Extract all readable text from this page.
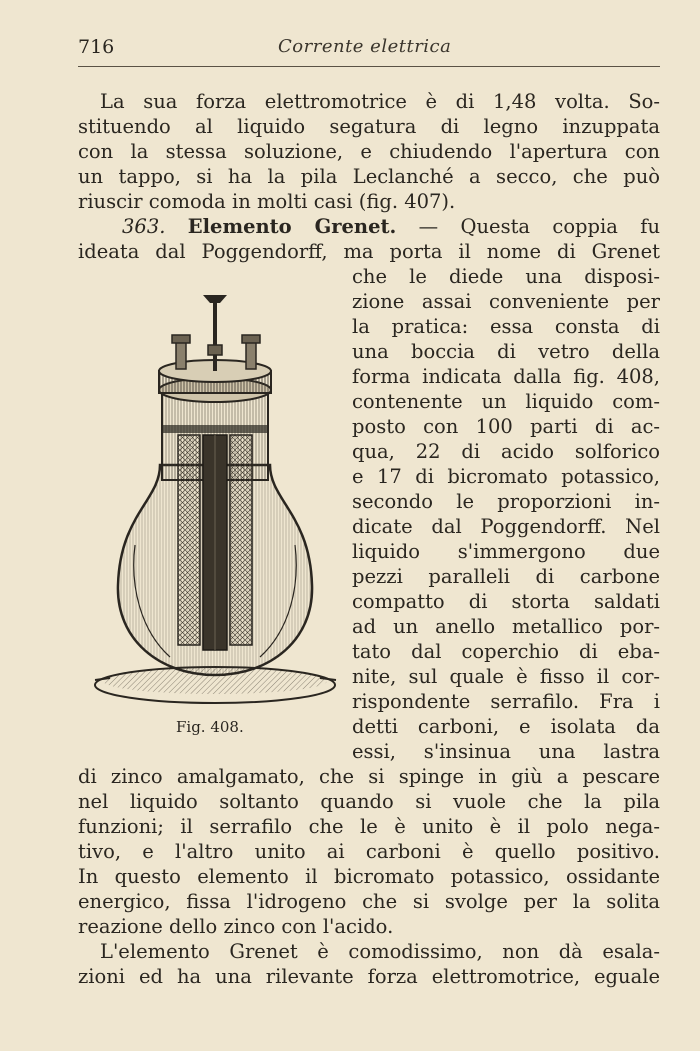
716	Corrente elettrica
La sua forza elettromotrice è di 1,48 volta. So-
stituendo al liquido segatura di legno inzuppata
con la stessa soluzione, e chiudendo l'apertura con
un tappo, si ha la pila Leclanché a secco, che può
riuscir comoda in molti casi (fig. 407).
363. Elemento Grenet. — Questa coppia fu
ideata dal Poggendorff, ma porta il nome di Grenet
che le diede una disposi-
zione assai conveniente per
la pratica: essa consta di
una boccia di vetro della
forma indicata dalla fig. 408,
contenente un liquido com-
posto con 100 parti di ac-
qua, 22 di acido solforico
e 17 di bicromato potassico,
secondo le proporzioni in-
dicate dal Poggendorff. Nel
liquido s'immergono due
pezzi paralleli di carbone
compatto di storta saldati
ad un anello metallico por-
tato dal coperchio di eba-
nite, sul quale è fisso il cor-
rispondente serrafilo. Fra i
detti carboni, e isolata da
essi, s'insinua una lastra
di zinco amalgamato, che si spinge in giù a pescare
nel liquido soltanto quando si vuole che la pila
funzioni; il serrafilo che le è unito è il polo nega-
tivo, e l'altro unito ai carboni è quello positivo.
In questo elemento il bicromato potassico, ossidante
energico, fissa l'idrogeno che si svolge per la solita
reazione dello zinco con l'acido.
L'elemento Grenet è comodissimo, non dà esala-
zioni ed ha una rilevante forza elettromotrice, eguale
Fig. 408.
